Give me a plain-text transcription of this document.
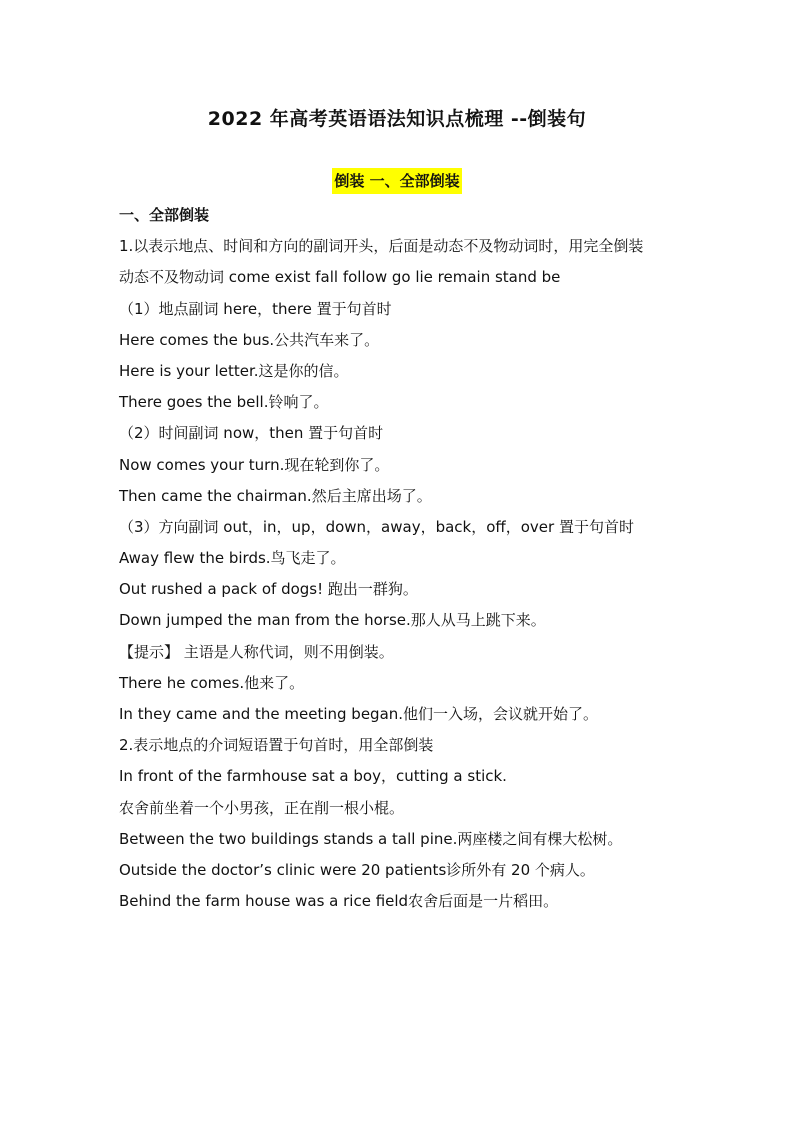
2022 年高考英语语法知识点梳理 --倒装句
倒装 一、全部倒装
一、全部倒装
1.以表示地点、时间和方向的副词开头，后面是动态不及物动词时，用完全倒装
动态不及物动词 come exist fall follow go lie remain stand be
（1）地点副词 here，there 置于句首时
Here comes the bus.公共汽车来了。
Here is your letter.这是你的信。
There goes the bell.铃响了。
（2）时间副词 now，then 置于句首时
Now comes your turn.现在轮到你了。
Then came the chairman.然后主席出场了。
（3）方向副词 out，in，up，down，away，back，off，over 置于句首时
Away flew the birds.鸟飞走了。
Out rushed a pack of dogs! 跑出一群狗。
Down jumped the man from the horse.那人从马上跳下来。
【提示】 主语是人称代词，则不用倒装。
There he comes.他来了。
In they came and the meeting began.他们一入场，会议就开始了。
2.表示地点的介词短语置于句首时，用全部倒装
In front of the farmhouse sat a boy，cutting a stick.
农舍前坐着一个小男孩，正在削一根小棍。
Between the two buildings stands a tall pine.两座楼之间有棵大松树。
Outside the doctor’s clinic were 20 patients诊所外有 20 个病人。
Behind the farm house was a rice field农舍后面是一片稻田。
